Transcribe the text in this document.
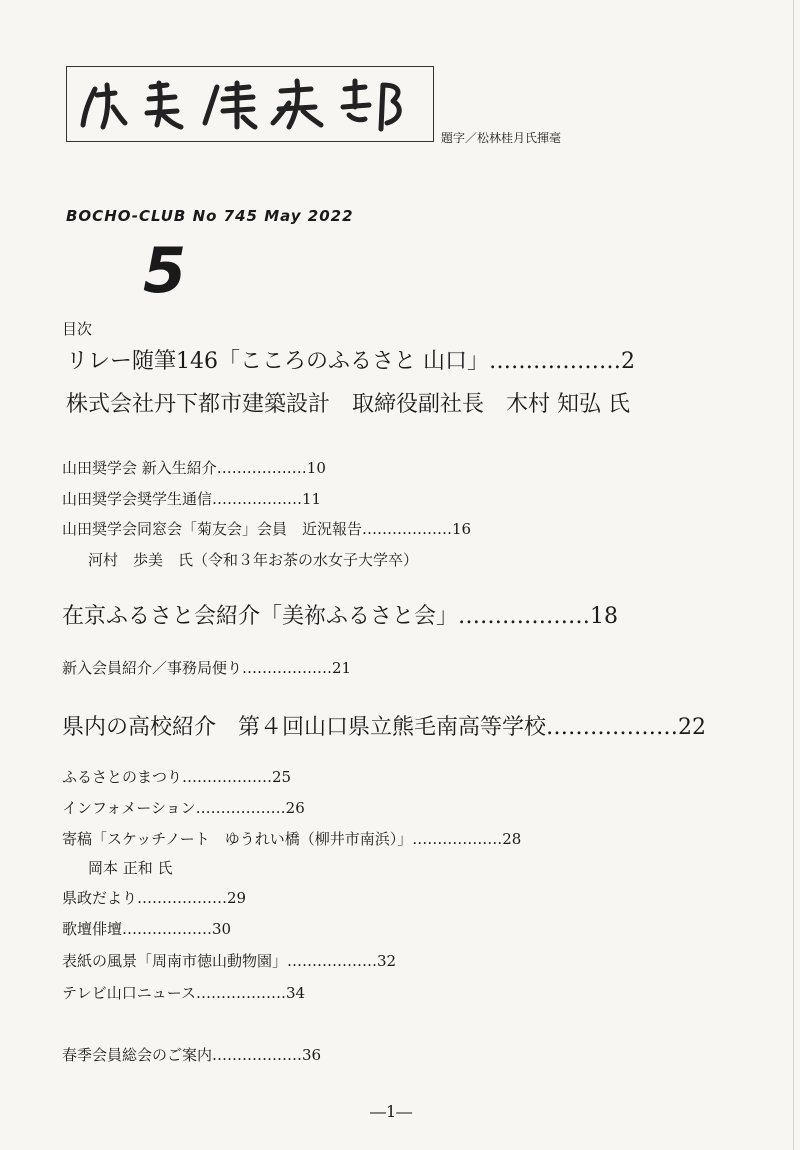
題字／松林桂月氏揮毫
BOCHO-CLUB No 745 May 2022
5
目次
リレー随筆146「こころのふるさと 山口」………………2
株式会社丹下都市建築設計　取締役副社長　木村 知弘 氏
山田奨学会 新入生紹介………………10
山田奨学会奨学生通信………………11
山田奨学会同窓会「菊友会」会員　近況報告………………16
河村　歩美　氏（令和３年お茶の水女子大学卒）
在京ふるさと会紹介「美祢ふるさと会」………………18
新入会員紹介／事務局便り………………21
県内の高校紹介　第４回山口県立熊毛南高等学校………………22
ふるさとのまつり………………25
インフォメーション………………26
寄稿「スケッチノート　ゆうれい橋（柳井市南浜）」………………28
岡本 正和 氏
県政だより………………29
歌壇俳壇………………30
表紙の風景「周南市徳山動物園」………………32
テレビ山口ニュース………………34
春季会員総会のご案内………………36
―1―
